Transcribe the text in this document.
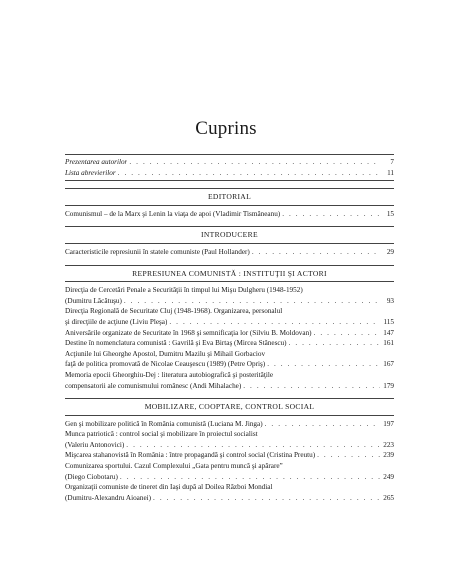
Cuprins
Prezentarea autorilor . . .	7
Lista abrevierilor . . .	11
EDITORIAL
Comunismul – de la Marx şi Lenin la viaţa de apoi (Vladimir Tismăneanu) . . .	15
INTRODUCERE
Caracteristicile represiunii în statele comuniste (Paul Hollander) . . .	29
REPRESIUNEA COMUNISTĂ : INSTITUŢII ŞI ACTORI
Direcţia de Cercetări Penale a Securităţii în timpul lui Mişu Dulgheru (1948-1952)
(Dumitru Lăcătuşu) . . .	93
Direcţia Regională de Securitate Cluj (1948-1968). Organizarea, personalul
şi direcţiile de acţiune (Liviu Pleşa) . . .	115
Aniversările organizate de Securitate în 1968 şi semnificaţia lor (Silviu B. Moldovan) . . .	147
Destine în nomenclatura comunistă : Gavrilă şi Eva Birtaş (Mircea Stănescu) . . .	161
Acţiunile lui Gheorghe Apostol, Dumitru Mazilu şi Mihail Gorbaciov
faţă de politica promovată de Nicolae Ceauşescu (1989) (Petre Opriş) . . .	167
Memoria epocii Gheorghiu-Dej : literatura autobiografică şi posterităţile
compensatorii ale comunismului românesc (Andi Mihalache) . . .	179
MOBILIZARE, COOPTARE, CONTROL SOCIAL
Gen şi mobilizare politică în România comunistă (Luciana M. Jinga) . . .	197
Munca patriotică : control social şi mobilizare în proiectul socialist
(Valeriu Antonovici) . . .	223
Mişcarea stahanovistă în România : între propagandă şi control social (Cristina Preutu) . . .	239
Comunizarea sportului. Cazul Complexului „Gata pentru muncă şi apărare”
(Diego Ciobotaru) . . .	249
Organizaţii comuniste de tineret din Iaşi după al Doilea Război Mondial
(Dumitru-Alexandru Aioanei) . . .	265
